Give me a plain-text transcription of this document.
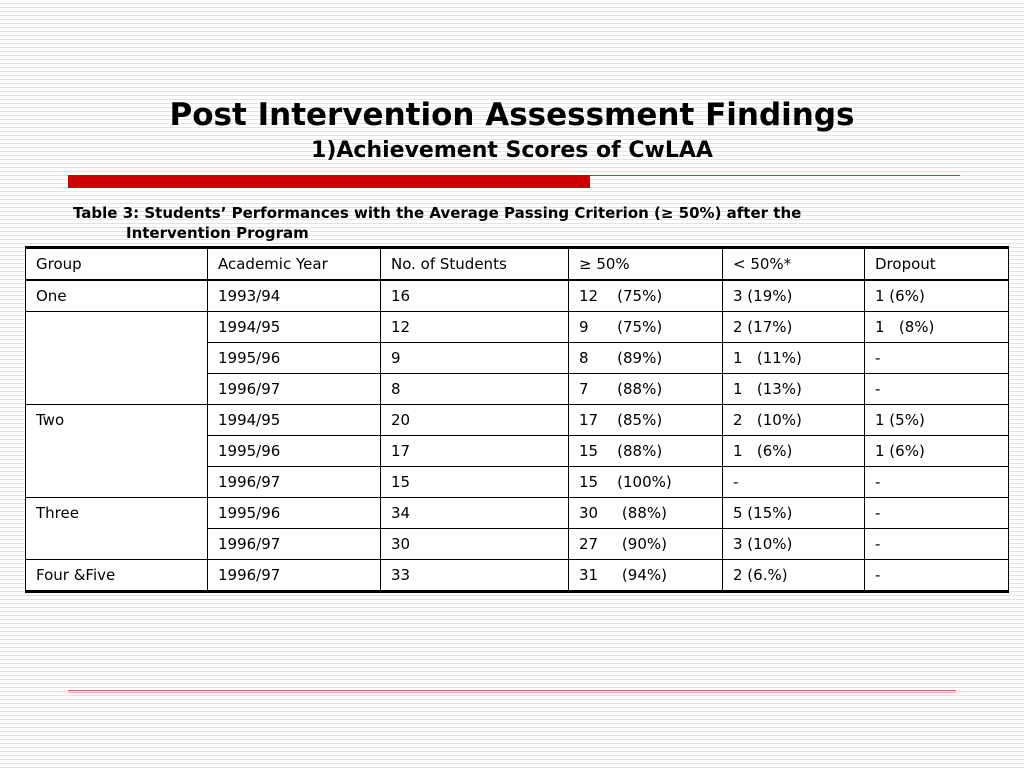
Post Intervention Assessment Findings
1)Achievement Scores of CwLAA
Table 3: Students’ Performances with the Average Passing Criterion (≥ 50%) after the
Intervention Program
Group	Academic Year	No. of Students	≥ 50%	< 50%*	Dropout
One	1993/94	16	12    (75%)	3 (19%)	1 (6%)
	1994/95	12	9      (75%)	2 (17%)	1   (8%)
	1995/96	9	8      (89%)	1   (11%)	-
	1996/97	8	7      (88%)	1   (13%)	-
Two	1994/95	20	17    (85%)	2   (10%)	1 (5%)
	1995/96	17	15    (88%)	1   (6%)	1 (6%)
	1996/97	15	15    (100%)	-	-
Three	1995/96	34	30     (88%)	5 (15%)	-
	1996/97	30	27     (90%)	3 (10%)	-
Four &Five	1996/97	33	31     (94%)	2 (6.%)	-
